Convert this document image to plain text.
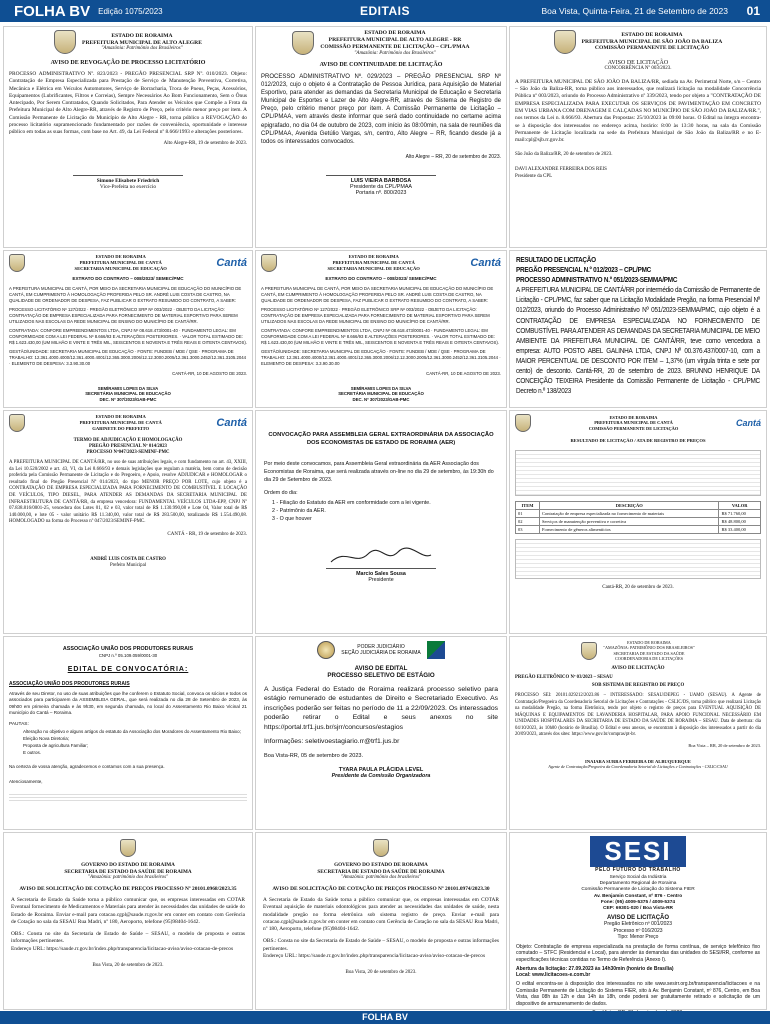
FOLHA BV Edição 1075/2023	EDITAIS	Boa Vista, Quinta-Feira, 21 de Setembro de 2023 01
ESTADO DE RORAIMA
PREFEITURA MUNICIPAL DE ALTO ALEGRE
"Amazônia: Patrimônio dos Brasileiros"
AVISO DE REVOGAÇÃO DE PROCESSO LICITATÓRIO
PROCESSO ADMINISTRATIVO Nº. 823/2023 - PREGÃO PRESENCIAL SRP Nº. 010/2023. Objeto: Contratação de Empresa Especializada para Prestação de Serviço de Manutenção Preventiva, Corretiva, Mecânica e Elétrica em Veículos Automotores, Serviço de Borracharia, Troca de Pneus, Peças, Acessórios, Equipamentos (Lubrificantes, Filtros e Correias), Sempre Necessários Ao Bom Funcionamento, Sem o Ônus Antecipado, Por Serem Contratados, Quando Solicitados, Para Atender os Veículos que Compõe a Frota da Prefeitura Municipal de Alto Alegre-RR, através de Registro de Preço, pelo critério menor preço por item. A Comissão Permanente de Licitação do Município de Alto Alegre - RR, torna público a REVOGAÇÃO do processo licitatório supramencionado fundamentado por razões de conveniência, oportunidade e interesse público em todas as suas formas, com base no Art. 49, da Lei Federal nº 8.666/1993 e alterações posteriores.
Alto Alegre-RR, 19 de setembro de 2023.
Simone Elisabete Friedrich
Vice-Prefeita no exercício
ESTADO DE RORAIMA
PREFEITURA MUNICIPAL DE ALTO ALEGRE - RR
COMISSÃO PERMANENTE DE LICITAÇÃO – CPL/PMAA
"Amazônia: Patrimônio dos Brasileiros"
AVISO DE CONTINUIDADE DE LICITAÇÃO
PROCESSO ADMINISTRATIVO Nº. 029/2023 – PREGÃO PRESENCIAL SRP Nº 012/2023, cujo o objeto é a Contratação de Pessoa Jurídica, para Aquisição de Material Esportivo, para atender as demandas da Secretaria Municipal de Educação e Secretaria Municipal de Esportes e Lazer de Alto Alegre-RR, através de Sistema de Registro de Preço, pelo critério menor preço por item. A Comissão Permanente de Licitação – CPL/PMAA, vem através deste informar que será dado continuidade no certame acima epigrafado, no dia 04 de outubro de 2023, com início às 08:00min, na sala de reuniões da CPL/PMAA, Avenida Getúlio Vargas, s/n, centro, Alto Alegre – RR, ficando desde já a todos os interessados convocados.
Alto Alegre – RR, 20 de setembro de 2023.
LUIS VIEIRA BARBOSA
Presidente da CPL/PMAA
Portaria nº. 800/2023
ESTADO DE RORAIMA
PREFEITURA MUNICIPAL DE SÃO JOÃO DA BALIZA
COMISSÃO PERMANENTE DE LICITAÇÃO
AVISO DE LICITAÇÃO
CONCORRÊNCIA Nº 003/2023.
A PREFEITURA MUNICIPAL DE SÃO JOÃO DA BALIZA/RR, sediada na Av. Perimetral Norte, s/n – Centro – São João da Baliza-RR, torna público aos interessados, que realizará licitação na modalidade Concorrência Pública nº 003/2023, oriundo do Processo Administrativo nº 339/2023, tendo por objeto a "CONTRATAÇÃO DE EMPRESA ESPECIALIZADA PARA EXECUTAR OS SERVIÇOS DE PAVIMENTAÇÃO EM CONCRETO EM VIAS URBANA COM DRENAGEM E CALÇADAS NO MUNICÍPIO DE SÃO JOÃO DA BALIZA/RR.", nos termos da Lei n. 8.666/93. Abertura das Propostas: 25/10/2023 às 09:00 horas. O Edital na íntegra encontra-se à disposição dos interessados no endereço acima, horário: 8:00 às 13:30 horas, na sala da Comissão Permanente de Licitação localizada na sede da Prefeitura Municipal de São João da Baliza/RR e no E-mail:cpl@sjb.rr.gov.br.
São João da Baliza/RR, 20 de setembro de 2023.
DAVI ALEXANDRE FERREIRA DOS REIS
Presidente da CPL
ESTADO DE RORAIMA
PREFEITURA MUNICIPAL DE CANTÁ
SECRETARIA MUNICIPAL DE EDUCAÇÃO	Cantá
EXTRATO DO CONTRATO – 008/2023/ SEMEC/PMC
A PREFEITURA MUNICIPAL DE CANTÁ, POR MEIO DA SECRETARIA MUNICIPAL DE EDUCAÇÃO DO MUNICÍPIO DE CANTÁ, EM CUMPRIMENTO À HOMOLOGAÇÃO PROFERIDA PELO SR. ANDRÉ LUIS COSTA DE CASTRO, NA QUALIDADE DE ORDENADOR DE DESPESA, FAZ PUBLICAR O EXTRATO RESUMIDO DO CONTRATO, A SABER:
PROCESSO LICITATÓRIO Nº 127/2022 · PREGÃO ELETRÔNICO SRP Nº 003/2022 · OBJETO DA LICITAÇÃO: CONTRATAÇÃO DE EMPRESA ESPECIALIZADA PARA FORNECIMENTO DE MATERIAL ESPORTIVO PARA SEREM UTILIZADOS NAS ESCOLAS DA REDE MUNICIPAL DE ENSINO DO MUNICÍPIO DE CANTÁ/RR.
CONTRATADA: CONFORE EMPREENDIMENTOS LTDA, CNPJ Nº 08.618.473/0001-40 · FUNDAMENTO LEGAL: EM CONFORMIDADE COM A LEI FEDERAL Nº 8.666/93 E ALTERAÇÕES POSTERIORES. · VALOR TOTAL ESTIMADO DE: R$ 1.623.430,00 (UM MILHÃO E VINTE E TRÊS MIL, SEISCENTOS E NOVENTA E TRÊS REAIS E OITENTA CENTAVOS).
GESTÃO/UNIDADE: SECRETARIA MUNICIPAL DE EDUCAÇÃO · FONTE: FUNDEB / MDE / QSE · PROGRAMA DE TRABALHO: 12.361.4000.4000/12.361.4000.4001/12.365.3000.2006/12.12.3000.2005/12.361.3000.2452/12.361.3105.2044 · ELEMENTO DE DESPESA: 3.3.90.30.00
CANTÁ-RR, 10 DE AGOSTO DE 2023.
SEMÍRAMIS LOPES DA SILVA
SECRETÁRIA MUNICIPAL DE EDUCAÇÃO
DEC. Nº 307/2023/GAB-PMC
ESTADO DE RORAIMA
PREFEITURA MUNICIPAL DE CANTÁ
SECRETARIA MUNICIPAL DE EDUCAÇÃO	Cantá
EXTRATO DO CONTRATO – 008/2023/ SEMEC/PMC
A PREFEITURA MUNICIPAL DE CANTÁ, POR MEIO DA SECRETARIA MUNICIPAL DE EDUCAÇÃO DO MUNICÍPIO DE CANTÁ, EM CUMPRIMENTO À HOMOLOGAÇÃO PROFERIDA PELO SR. ANDRÉ LUIS COSTA DE CASTRO, NA QUALIDADE DE ORDENADOR DE DESPESA, FAZ PUBLICAR O EXTRATO RESUMIDO DO CONTRATO, A SABER:
PROCESSO LICITATÓRIO Nº 127/2022 · PREGÃO ELETRÔNICO SRP Nº 003/2022 · OBJETO DA LICITAÇÃO: CONTRATAÇÃO DE EMPRESA ESPECIALIZADA PARA FORNECIMENTO DE MATERIAL ESPORTIVO PARA SEREM UTILIZADOS NAS ESCOLAS DA REDE MUNICIPAL DE ENSINO DO MUNICÍPIO DE CANTÁ/RR.
CONTRATADA: CONFORE EMPREENDIMENTOS LTDA, CNPJ Nº 08.618.473/0001-40 · FUNDAMENTO LEGAL: EM CONFORMIDADE COM A LEI FEDERAL Nº 8.666/93 E ALTERAÇÕES POSTERIORES. · VALOR TOTAL ESTIMADO DE: R$ 1.623.430,00 (UM MILHÃO E VINTE E TRÊS MIL, SEISCENTOS E NOVENTA E TRÊS REAIS E OITENTA CENTAVOS).
GESTÃO/UNIDADE: SECRETARIA MUNICIPAL DE EDUCAÇÃO · FONTE: FUNDEB / MDE / QSE · PROGRAMA DE TRABALHO: 12.361.4000.4000/12.361.4000.4001/12.365.3000.2006/12.12.3000.2005/12.361.3000.2452/12.361.3105.2044 · ELEMENTO DE DESPESA: 3.3.90.30.00
CANTÁ-RR, 10 DE AGOSTO DE 2023.
SEMÍRAMIS LOPES DA SILVA
SECRETÁRIA MUNICIPAL DE EDUCAÇÃO
DEC. Nº 307/2023/GAB-PMC
RESULTADO DE LICITAÇÃO
PREGÃO PRESENCIAL N.º 012/2023 – CPL/PMC
PROCESSO ADMINISTRATIVO N.º 051/2023-SEMMA/PMC
A PREFEITURA MUNICIPAL DE CANTÁ/RR por intermédio da Comissão de Permanente de Licitação - CPL/PMC, faz saber que na Licitação Modalidade Pregão, na forma Presencial Nº 012/2023, oriundo do Processo Administrativo Nº 051/2023-SEMMA/PMC, cujo objeto é a CONTRATAÇÃO DE EMPRESA ESPECIALIZADA NO FORNECIMENTO DE COMBUSTÍVEL PARA ATENDER AS DEMANDAS DA SECRETARIA MUNICIPAL DE MEIO AMBIENTE DA PREFEITURA MUNICIPAL DE CANTÁ/RR, teve como vencedora a empresa: AUTO POSTO ABEL GALINHA LTDA, CNPJ Nº 00.376.437/0007-10, com a MAIOR PERCENTUAL DE DESCONTO POR ITEM – 1,37% (um vírgula trinta e sete por cento) de desconto. Cantá-RR, 20 de setembro de 2023. BRUNNO HENRIQUE DA CONCEIÇÃO TEIXEIRA Presidente da Comissão Permanente de Licitação - CPL/PMC Decreto n.º 138/2023
ESTADO DE RORAIMA
PREFEITURA MUNICIPAL DE CANTÁ
GABINETE DO PREFEITO	Cantá
TERMO DE ADJUDICAÇÃO E HOMOLOGAÇÃO
PREGÃO PRESENCIAL Nº 014/2023
PROCESSO Nº047/2023-SEMINF-PMC
A PREFEITURA MUNICIPAL DE CANTÁ/RR, no uso de suas atribuições legais, e com fundamento no art. 43, XXIII, da Lei 10.520/2002 e art. 43, VI, da Lei 8.666/93 e demais legislações que regulam a matéria, bem como de decisão proferida pela Comissão Permanente de Licitação e do Pregoeiro, e Apoio, resolve ADJUDICAR e HOMOLOGAR o resultado final do Pregão Presencial Nº 014/2023, do tipo MENOR PREÇO POR LOTE, cujo objeto é a CONTRATAÇÃO DE EMPRESA ESPECIALIZADA PARA FORNECIMENTO DE COMBUSTÍVEL E LOCAÇÃO DE VEÍCULOS, TIPO DIESEL, PARA ATENDER AS DEMANDAS DA SECRETARIA MUNICIPAL DE INFRAESTRUTURA DE CANTÁ/RR, da empresa vencedora: FUNDAMENTAL VEÍCULOS LTDA-EPP, CNPJ Nº 07.838.816/0001-25, vencedora dos Lotes 01, 02 e 03, valor total de R$ 1.130.990,08 e Lote 04, Valor total de R$ 140.000,00, e lote 05 - valor unitário R$ 11.340,00, valor total de R$ 283.500,00, totalizando R$ 1.554.490,08. HOMOLOGADO na forma do Processo nº 047/2023/SEMINF-PMC.
CANTÁ - RR, 19 de setembro de 2023.
ANDRÉ LUIS COSTA DE CASTRO
Prefeito Municipal
CONVOCAÇÃO PARA ASSEMBLEIA GERAL EXTRAORDINÁRIA DA ASSOCIAÇÃO DOS ECONOMISTAS DE ESTADO DE RORAIMA (AER)
Por meio deste convocamos, para Assembleia Geral extraordinária da AER Associação dos Economistas de Roraima, que será realizada através on-line no dia 29 de setembro, às 19:30h do dia 29 de Setembro de 2023.
Ordem do dia:
1 - Filiação do Estatuto da AER em conformidade com a lei vigente.
2 - Patrimônio da AER.
3 - O que houver
Marcio Sales Sousa
Presidente
ESTADO DE RORAIMA
PREFEITURA MUNICIPAL DE CANTÁ
COMISSÃO PERMANENTE DE LICITAÇÃO
Cantá
RESULTADO DE LICITAÇÃO / ATA DE REGISTRO DE PREÇOS
ITEM	DESCRIÇÃO	VALOR
01	Contratação de empresa especializada no fornecimento de materiais	R$ 71.760,00
02	Serviços de manutenção preventiva e corretiva	R$ 48.800,00
03	Fornecimento de gêneros alimentícios	R$ 33.400,00
Cantá-RR, 20 de setembro de 2023.
ASSOCIAÇÃO UNIÃO DOS PRODUTORES RURAIS
CNPJ n.º 05.109.059/0001-30
EDITAL DE CONVOCATÓRIA:
ASSOCIAÇÃO UNIÃO DOS PRODUTORES RURAIS
Através de seu Diretor, no uso de suas atribuições que lhe conferem o Estatuto Social, convoca os sócios e todos os associados para participarem da ASSEMBLEIA GERAL, que será realizada no dia 28 de Setembro de 2023, às 09h00 em primeira chamada e às 9h30, em segunda chamada, no local do Assentamento Rio Baixo Vicinal 21 município do Cantá – Roraima.
PAUTAS:
Alteração no objetivo e alguns artigos do estatuto da Associação dos Moradores do Assentamento Rio Baixo;
Eleição Nova Diretoria;
Proposta de agricultura Familiar;
E outros.
Na certeza de vossa atenção, agradecemos e contamos com a sua presença.
Atenciosamente,
PODER JUDICIÁRIO
SEÇÃO JUDICIÁRIA DE RORAIMA
AVISO DE EDITAL
PROCESSO SELETIVO DE ESTÁGIO
A Justiça Federal do Estado de Roraima realizará processo seletivo para estágio remunerado de estudantes de Direito e Secretariado Executivo. As inscrições poderão ser feitas no período de 11 a 22/09/2023. Os interessados poderão retirar o Edital e seus anexos no site https://portal.trf1.jus.br/sjrr/concursos/estagios
Informações: seletivoestagiario.rr@trf1.jus.br
Boa Vista-RR, 05 de setembro de 2023.
TYARA PAULA PLÁCIDA LEVEL
Presidente da Comissão Organizadora
ESTADO DE RORAIMA
"AMAZÔNIA: PATRIMÔNIO DOS BRASILEIROS"
SECRETARIA DE ESTADO DA SAÚDE
COORDENADORIA DE LICITAÇÕES
AVISO DE LICITAÇÃO
PREGÃO ELETRÔNICO Nº 03/2023 – SESAU
SOB SISTEMA DE REGISTRO DE PREÇO
PROCESSO SEI: 20101.029212/2023.86 – INTERESSADO: SESAU/DEPEG - UAMO (SESAU). A Agente de Contratação/Pregoeira da Coordenadoria Setorial de Licitações e Contratações - CSLIC/DS, torna público que realizará Licitação na modalidade Pregão, na forma Eletrônica, tendo por objeto o registro de preços para EVENTUAL AQUISIÇÃO DE MÁQUINAS E EQUIPAMENTOS DE LAVANDERIA HOSPITALAR, PARA APOIO FUNCIONAL NECESSÁRIO EM UNIDADES HOSPITALARES DA SECRETARIA DE ESTADO DA SAÚDE DE RORAIMA – SESAU. Data de abertura: dia 04/10/2023, às 10h00 (horário de Brasília). O Edital e seus anexos, se encontram à disposição dos interessados a partir do dia 20/09/2023, através dos sites: https://www.gov.br/compras/pt-br.
Boa Vista – RR, 20 de setembro de 2023.
INAIARA SURRA FERREIRA DE ALBUQUERQUE
Agente de Contratação/Pregoeira da Coordenadoria Setorial de Licitações e Contratações - CSLIC/CSAU
GOVERNO DO ESTADO DE RORAIMA
SECRETARIA DE ESTADO DA SAÚDE DE RORAIMA
"Amazônia: patrimônio dos brasileiros"
AVISO DE SOLICITAÇÃO DE COTAÇÃO DE PREÇOS PROCESSO Nº 20101.0968/2023.35
A Secretaria de Estado da Saúde torna a público comunicar que, os empresas interessadas em COTAR Eventual fornecimento de Medicamentos e Materiais para atender às necessidades das unidades de saúde do Estado de Roraima. Enviar e-mail para cotacao.cgpl@saude.rr.gov.br em conter em contato com Gerência de Cotação no sala da SESAU Rua Madri, nº 180, Aeroporto, telefone (95)98404-1642.
OBS.: Consta no site da Secretaria de Estado de Saúde – SESAU, o modelo de proposta e outras informações pertinentes.
Endereço URL: https://saude.rr.gov.br/index.php/transparencia/licitacao-aviso/aviso-cotacao-de-precos
Boa Vista, 20 de setembro de 2023.
GOVERNO DO ESTADO DE RORAIMA
SECRETARIA DE ESTADO DA SAÚDE DE RORAIMA
"Amazônia: patrimônio dos brasileiros"
AVISO DE SOLICITAÇÃO DE COTAÇÃO DE PREÇOS PROCESSO Nº 20101.0974/2023.30
A Secretaria de Estado da Saúde torna a público comunicar que, os empresas interessadas em COTAR Eventual aquisição de materiais odontológicos para atender as necessidades das unidades de saúde, nesta modalidade pregão no forma eletrônica sob sistema registro de preço. Enviar e-mail para cotacao.cgpl@saude.rr.gov.br em conter em contato com Gerência de Cotação no sala da SESAU Rua Madri, nº 180, Aeroporto, telefone (95)98404-1642.
OBS.: Consta no site da Secretaria de Estado de Saúde – SESAU, o modelo de proposta e outras informações pertinentes.
Endereço URL: https://saude.rr.gov.br/index.php/transparencia/licitacao-aviso/aviso-cotacao-de-precos
Boa Vista, 20 de setembro de 2023.
SESI
PELO FUTURO DO TRABALHO
Serviço Social da Indústria
Departamento Regional de Roraima
Comissão Permanente de Licitação do Sistema FIER
Av. Benjamin Constant, nº 876 - Centro
Fone: (95) 4009-5375 / 4009-5374
CEP: 69301-020 / Boa Vista-RR
AVISO DE LICITAÇÃO
Pregão Eletrônico nº 001/2023
Processo nº 016/2023
Tipo: Menor Preço
Objeto: Contratação de empresa especializada na prestação de forma contínua, de serviço telefônico fixo comutado – STFC (Residencial e Local), para atender às demandas das unidades do SESI/RR, conforme as especificações técnicas contidas no Termo de Referência (Anexo I).
Abertura da licitação: 27.09.2023 às 14h30min (horário de Brasília)
Local: www.licitacoes-e.com.br
O edital encontra-se à disposição dos interessados no site www.sesirr.org.br/transparencia/licitacoes e na Comissão Permanente de Licitação do Sistema FIER, sito à Av. Benjamin Constant, nº 876, Centro, em Boa Vista, das 08h às 12h e das 14h às 18h, onde poderá ser gratuitamente retirado e solicitação de um dispositivo de armazenamento de dados.
FOLHA BV
